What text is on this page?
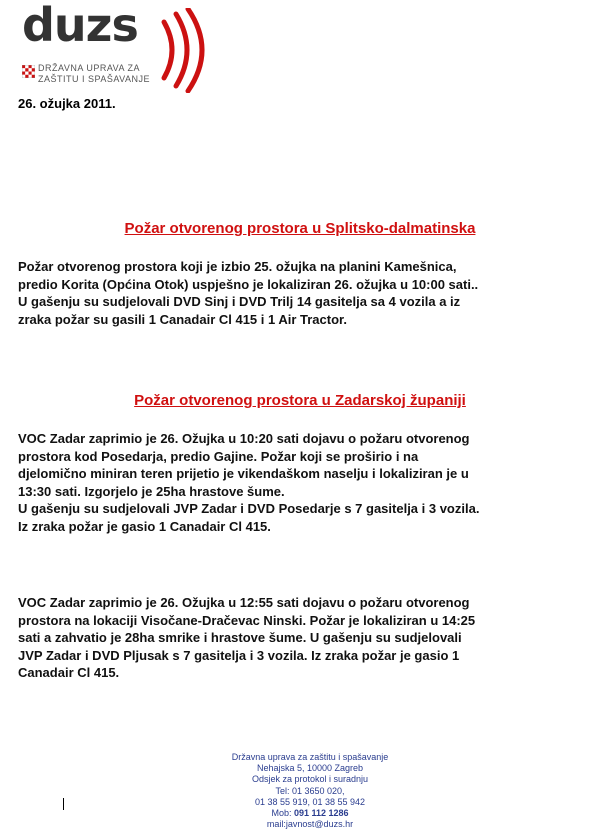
duzs
DRŽAVNA UPRAVA ZA
ZAŠTITU I SPAŠAVANJE
26. ožujka 2011.
Požar otvorenog prostora u Splitsko-dalmatinska
Požar otvorenog prostora koji je izbio 25. ožujka na planini Kamešnica,
predio Korita (Općina Otok) uspješno je lokaliziran 26. ožujka u 10:00 sati..
U gašenju su sudjelovali DVD Sinj i DVD Trilj 14 gasitelja sa 4 vozila a iz
zraka požar su gasili 1 Canadair Cl 415 i 1 Air Tractor.
Požar otvorenog prostora u Zadarskoj županiji
VOC Zadar zaprimio je 26. Ožujka u 10:20 sati dojavu o požaru otvorenog
prostora kod Posedarja, predio Gajine. Požar koji se proširio i na
djelomično miniran teren prijetio je vikendaškom naselju i lokaliziran je u
13:30 sati. Izgorjelo je 25ha hrastove šume.
U gašenju su sudjelovali JVP Zadar i DVD Posedarje s 7 gasitelja i 3 vozila.
Iz zraka požar je gasio 1 Canadair Cl 415.
VOC Zadar zaprimio je 26. Ožujka u 12:55 sati dojavu o požaru otvorenog
prostora na lokaciji Visočane-Dračevac Ninski. Požar je lokaliziran u 14:25
sati a zahvatio je 28ha smrike i hrastove šume. U gašenju su sudjelovali
JVP Zadar i DVD Pljusak s 7 gasitelja i 3 vozila. Iz zraka požar je gasio 1
Canadair Cl 415.
Državna uprava za zaštitu i spašavanje
Nehajska 5, 10000 Zagreb
Odsjek za protokol i suradnju
Tel: 01 3650 020,
01 38 55 919, 01 38 55 942
Mob: 091 112 1286
mail:javnost@duzs.hr
